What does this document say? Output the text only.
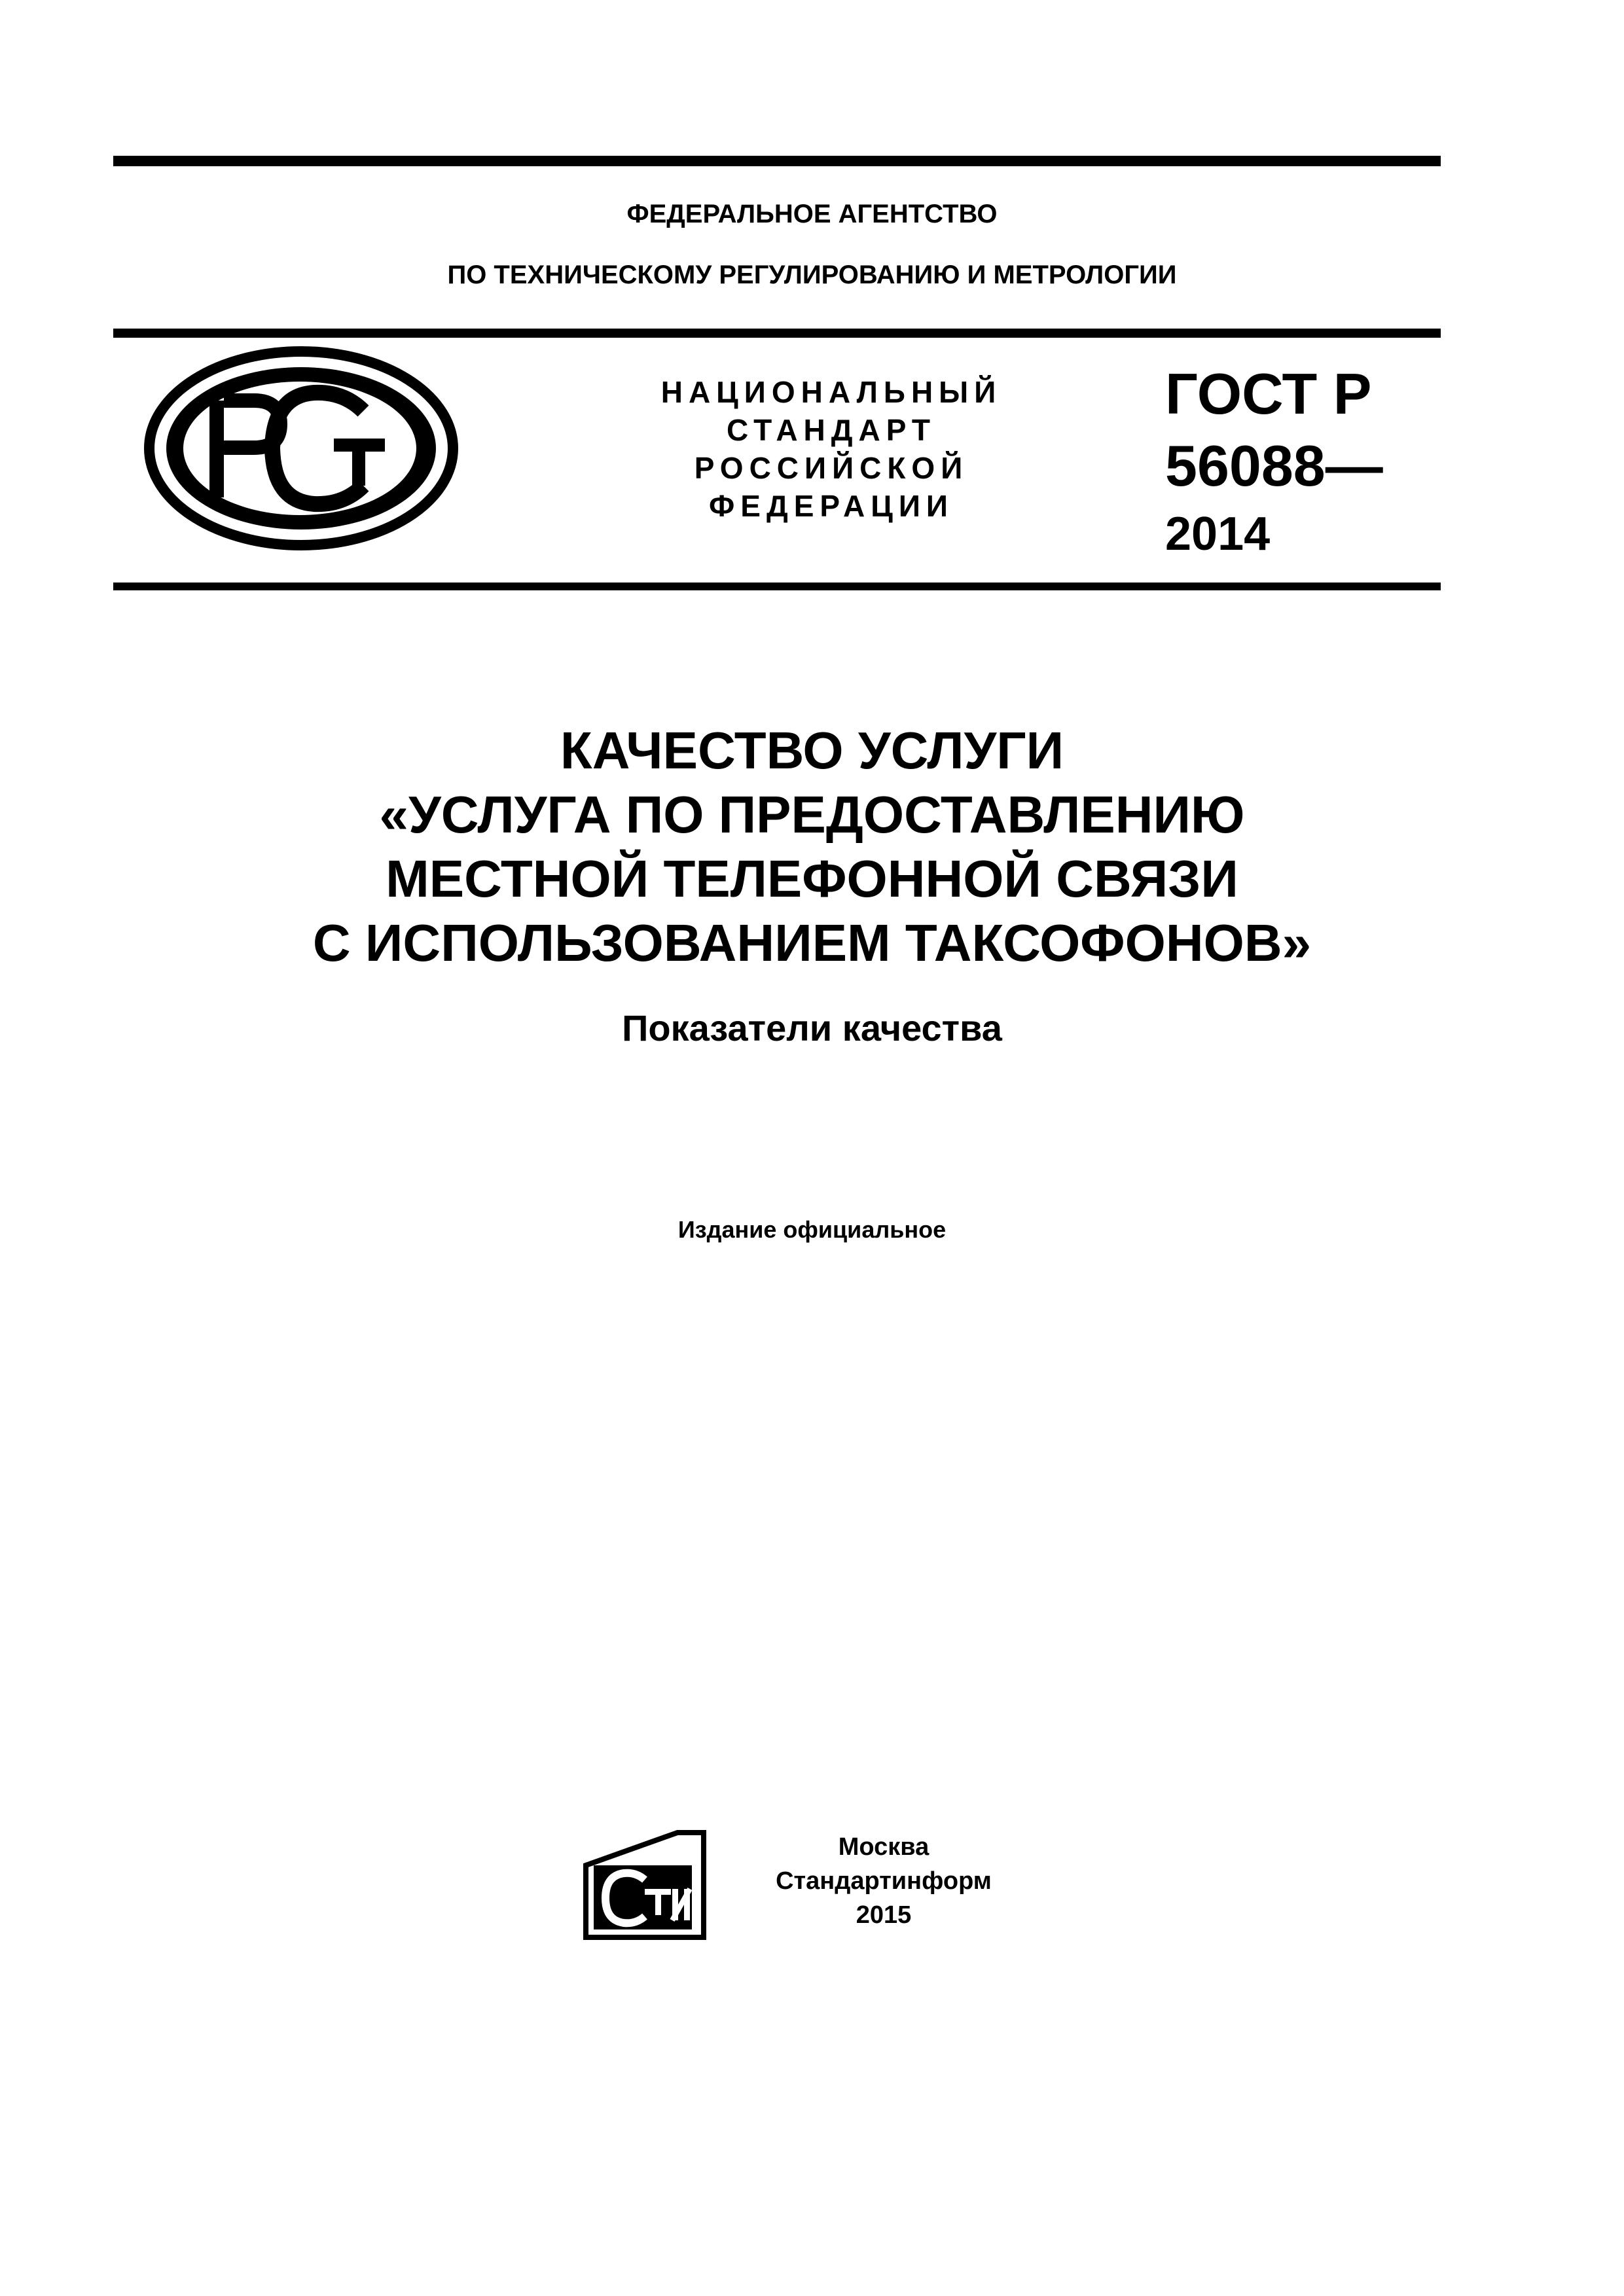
ФЕДЕРАЛЬНОЕ АГЕНТСТВО
ПО ТЕХНИЧЕСКОМУ РЕГУЛИРОВАНИЮ И МЕТРОЛОГИИ
НАЦИОНАЛЬНЫЙ
СТАНДАРТ
РОССИЙСКОЙ
ФЕДЕРАЦИИ
ГОСТ Р
56088—
2014
КАЧЕСТВО УСЛУГИ
«УСЛУГА ПО ПРЕДОСТАВЛЕНИЮ
МЕСТНОЙ ТЕЛЕФОННОЙ СВЯЗИ
С ИСПОЛЬЗОВАНИЕМ ТАКСОФОНОВ»
Показатели качества
Издание официальное
Москва
Стандартинформ
2015
